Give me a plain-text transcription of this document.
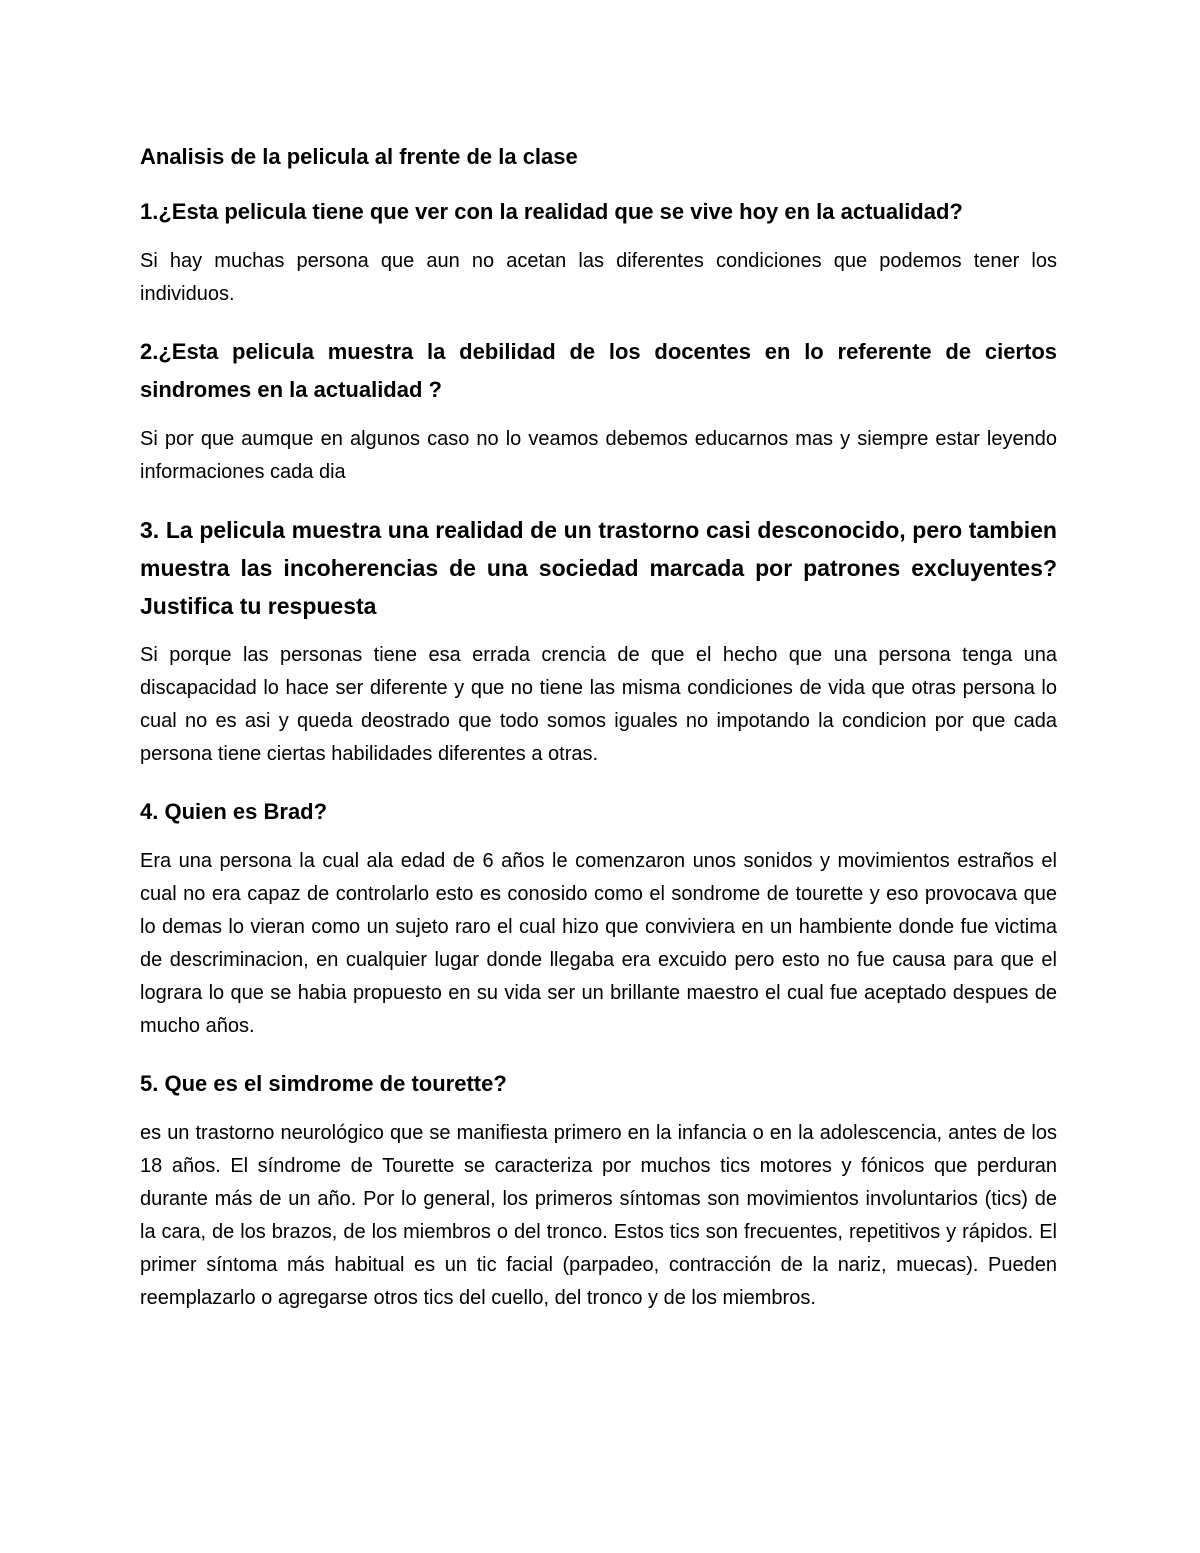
Analisis de la pelicula al frente de la clase
1.¿Esta pelicula tiene que ver con la realidad que se vive hoy en la actualidad?
Si hay muchas persona que aun no acetan las diferentes condiciones que podemos tener los individuos.
2.¿Esta pelicula muestra la debilidad de los docentes en lo referente de ciertos sindromes en la actualidad ?
Si por que aumque en algunos caso no lo veamos debemos educarnos mas y siempre estar leyendo informaciones cada dia
3. La pelicula muestra una realidad de un trastorno casi desconocido, pero tambien muestra las incoherencias de una sociedad marcada por patrones excluyentes? Justifica tu respuesta
Si porque las personas tiene esa errada crencia de que el hecho que una persona tenga una discapacidad lo hace ser diferente y que no tiene las misma condiciones de vida que otras persona lo cual no es asi y queda deostrado que todo somos iguales no impotando la condicion por que cada persona tiene ciertas habilidades diferentes a otras.
4. Quien es Brad?
Era una persona la cual ala edad de 6 años le comenzaron unos sonidos y movimientos estraños el cual no era capaz de controlarlo esto es conosido como el sondrome de tourette y eso provocava que lo demas lo vieran como un sujeto raro el cual hizo que conviviera en un hambiente donde fue victima de descriminacion, en cualquier lugar donde llegaba era excuido pero esto no fue causa para que el lograra lo que se habia propuesto en su vida ser un brillante maestro el cual fue aceptado despues de mucho años.
5. Que es el simdrome de tourette?
es un trastorno neurológico que se manifiesta primero en la infancia o en la adolescencia, antes de los 18 años. El síndrome de Tourette se caracteriza por muchos tics motores y fónicos que perduran durante más de un año. Por lo general, los primeros síntomas son movimientos involuntarios (tics) de la cara, de los brazos, de los miembros o del tronco. Estos tics son frecuentes, repetitivos y rápidos. El primer síntoma más habitual es un tic facial (parpadeo, contracción de la nariz, muecas). Pueden reemplazarlo o agregarse otros tics del cuello, del tronco y de los miembros.
